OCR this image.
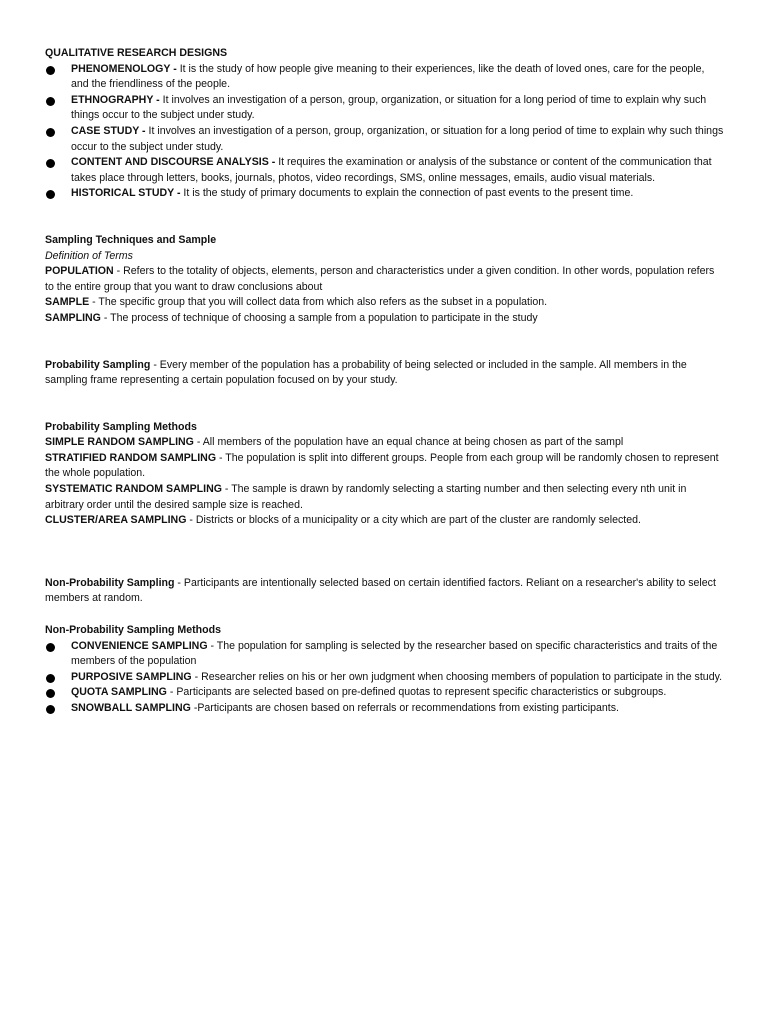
QUALITATIVE RESEARCH DESIGNS
PHENOMENOLOGY - It is the study of how people give meaning to their experiences, like the death of loved ones, care for the people, and the friendliness of the people.
ETHNOGRAPHY - It involves an investigation of a person, group, organization, or situation for a long period of time to explain why such things occur to the subject under study.
CASE STUDY - It involves an investigation of a person, group, organization, or situation for a long period of time to explain why such things occur to the subject under study.
CONTENT AND DISCOURSE ANALYSIS - It requires the examination or analysis of the substance or content of the communication that takes place through letters, books, journals, photos, video recordings, SMS, online messages, emails, audio visual materials.
HISTORICAL STUDY - It is the study of primary documents to explain the connection of past events to the present time.
Sampling Techniques and Sample
Definition of Terms
POPULATION - Refers to the totality of objects, elements, person and characteristics under a given condition. In other words, population refers to the entire group that you want to draw conclusions about
SAMPLE - The specific group that you will collect data from which also refers as the subset in a population.
SAMPLING - The process of technique of choosing a sample from a population to participate in the study
Probability Sampling - Every member of the population has a probability of being selected or included in the sample. All members in the sampling frame representing a certain population focused on by your study.
Probability Sampling Methods
SIMPLE RANDOM SAMPLING - All members of the population have an equal chance at being chosen as part of the sampl
STRATIFIED RANDOM SAMPLING - The population is split into different groups. People from each group will be randomly chosen to represent the whole population.
SYSTEMATIC RANDOM SAMPLING - The sample is drawn by randomly selecting a starting number and then selecting every nth unit in arbitrary order until the desired sample size is reached.
CLUSTER/AREA SAMPLING - Districts or blocks of a municipality or a city which are part of the cluster are randomly selected.
Non-Probability Sampling - Participants are intentionally selected based on certain identified factors. Reliant on a researcher's ability to select members at random.
Non-Probability Sampling Methods
CONVENIENCE SAMPLING - The population for sampling is selected by the researcher based on specific characteristics and traits of the members of the population
PURPOSIVE SAMPLING - Researcher relies on his or her own judgment when choosing members of population to participate in the study.
QUOTA SAMPLING - Participants are selected based on pre-defined quotas to represent specific characteristics or subgroups.
SNOWBALL SAMPLING -Participants are chosen based on referrals or recommendations from existing participants.
